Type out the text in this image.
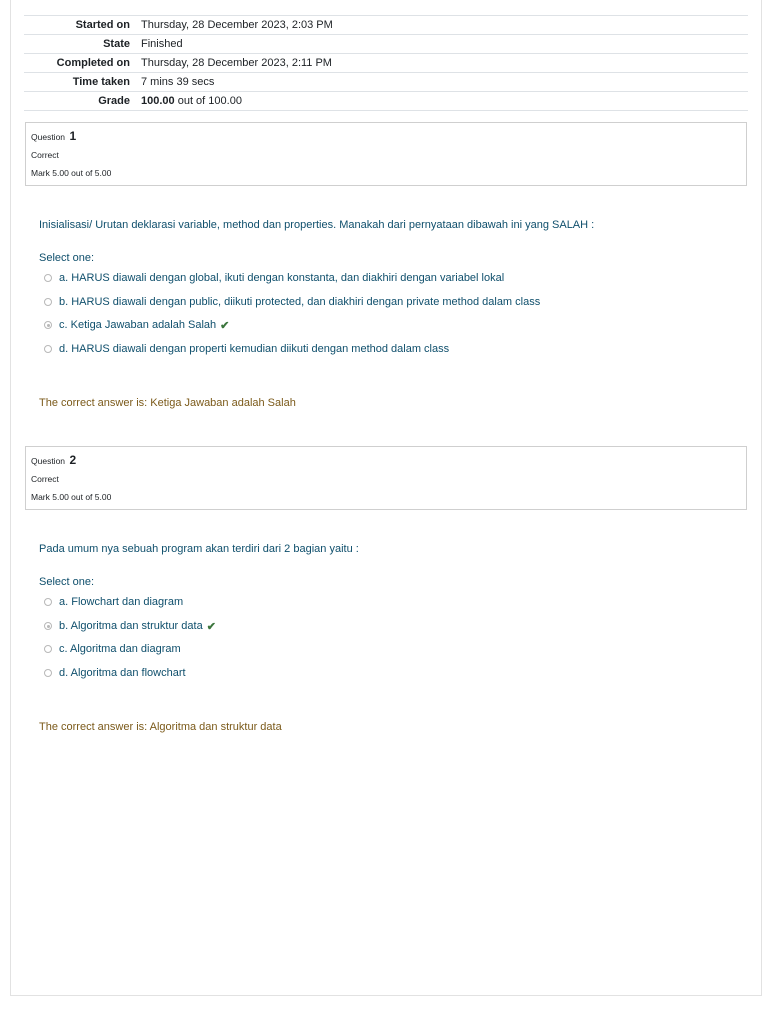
Started on	Thursday, 28 December 2023, 2:03 PM
State	Finished
Completed on	Thursday, 28 December 2023, 2:11 PM
Time taken	7 mins 39 secs
Grade	100.00 out of 100.00
Question 1
Correct
Mark 5.00 out of 5.00
Inisialisasi/ Urutan deklarasi variable, method dan properties. Manakah dari pernyataan dibawah ini yang SALAH :
Select one:
a. HARUS diawali dengan global, ikuti dengan konstanta, dan diakhiri dengan variabel lokal
b. HARUS diawali dengan public, diikuti protected, dan diakhiri dengan private method dalam class
c. Ketiga Jawaban adalah Salah ✔
d. HARUS diawali dengan properti kemudian diikuti dengan method dalam class
The correct answer is: Ketiga Jawaban adalah Salah
Question 2
Correct
Mark 5.00 out of 5.00
Pada umum nya sebuah program akan terdiri dari 2 bagian yaitu :
Select one:
a. Flowchart dan diagram
b. Algoritma dan struktur data ✔
c. Algoritma dan diagram
d. Algoritma dan flowchart
The correct answer is: Algoritma dan struktur data
